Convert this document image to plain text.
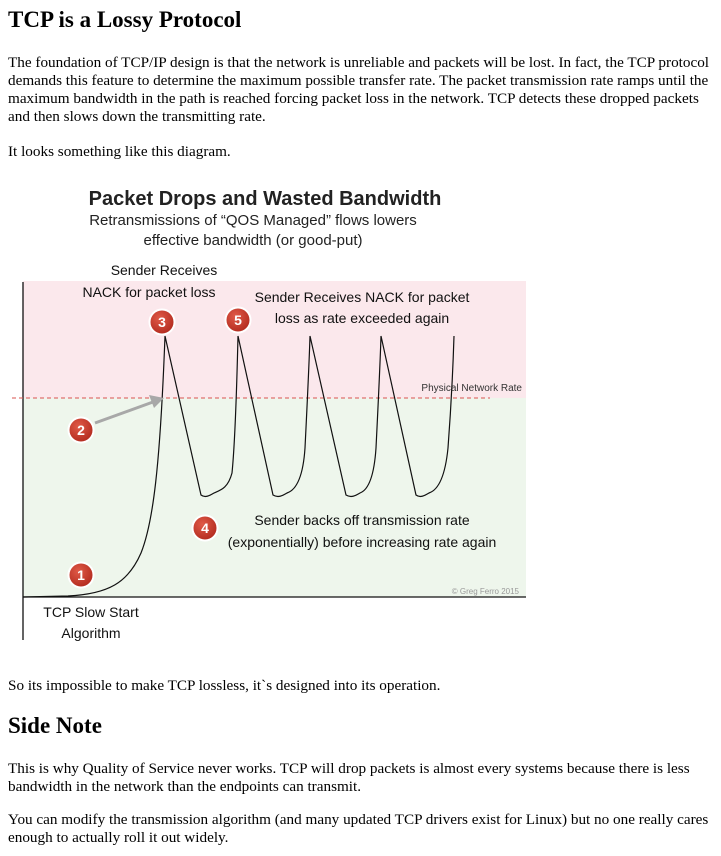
TCP is a Lossy Protocol

The foundation of TCP/IP design is that the network is unreliable and packets will be lost. In fact, the TCP protocol demands this feature to determine the maximum possible transfer rate. The packet transmission rate ramps until the maximum bandwidth in the path is reached forcing packet loss in the network. TCP detects these dropped packets and then slows down the transmitting rate.

It looks something like this diagram.

Physical Network Rate
Packet Drops and Wasted Bandwidth
Retransmissions of “QOS Managed” flows lowers
effective bandwidth (or good-put)
Sender Receives
NACK for packet loss	Sender Receives NACK for packet
loss as rate exceeded again
Sender backs off transmission rate
(exponentially) before increasing rate again
TCP Slow Start
Algorithm
© Greg Ferro 2015
1
2
3
4
5

So its impossible to make TCP lossless, it`s designed into its operation.

Side Note

This is why Quality of Service never works. TCP will drop packets is almost every systems because there is less bandwidth in the network than the endpoints can transmit.

You can modify the transmission algorithm (and many updated TCP drivers exist for Linux) but no one really cares enough to actually roll it out widely.
